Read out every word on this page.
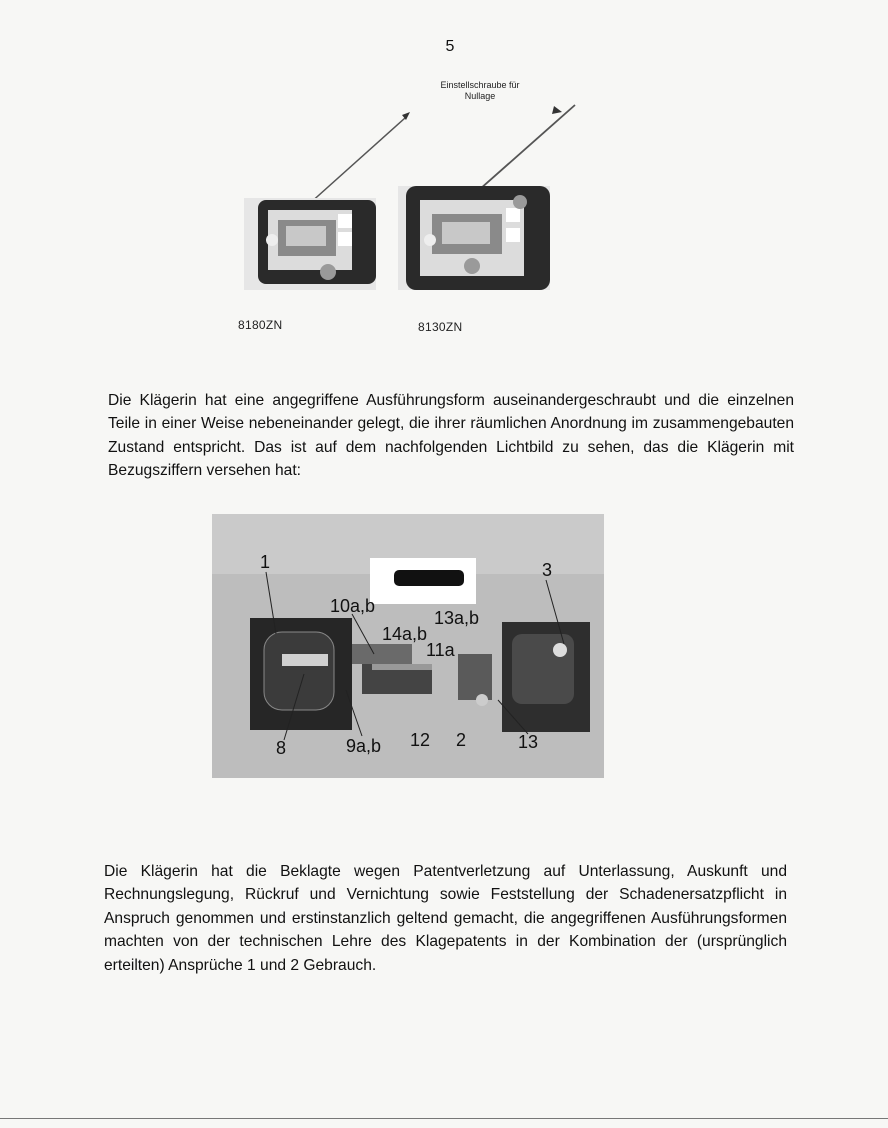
5
Einstellschraube für
Nullage
8180ZN	8130ZN

Die Klägerin hat eine angegriffene Ausführungsform auseinandergeschraubt und die einzelnen Teile in einer Weise nebeneinander gelegt, die ihrer räumlichen Anordnung im zusammengebauten Zustand entspricht. Das ist auf dem nachfolgenden Lichtbild zu sehen, das die Klägerin mit Bezugsziffern versehen hat:

1	3
10a,b
13a,b
14a,b
11a
8	9a,b 12 2	13

Die Klägerin hat die Beklagte wegen Patentverletzung auf Unterlassung, Auskunft und Rechnungslegung, Rückruf und Vernichtung sowie Feststellung der Schadenersatzpflicht in Anspruch genommen und erstinstanzlich geltend gemacht, die angegriffenen Ausführungsformen machten von der technischen Lehre des Klagepatents in der Kombination der (ursprünglich erteilten) Ansprüche 1 und 2 Gebrauch.
